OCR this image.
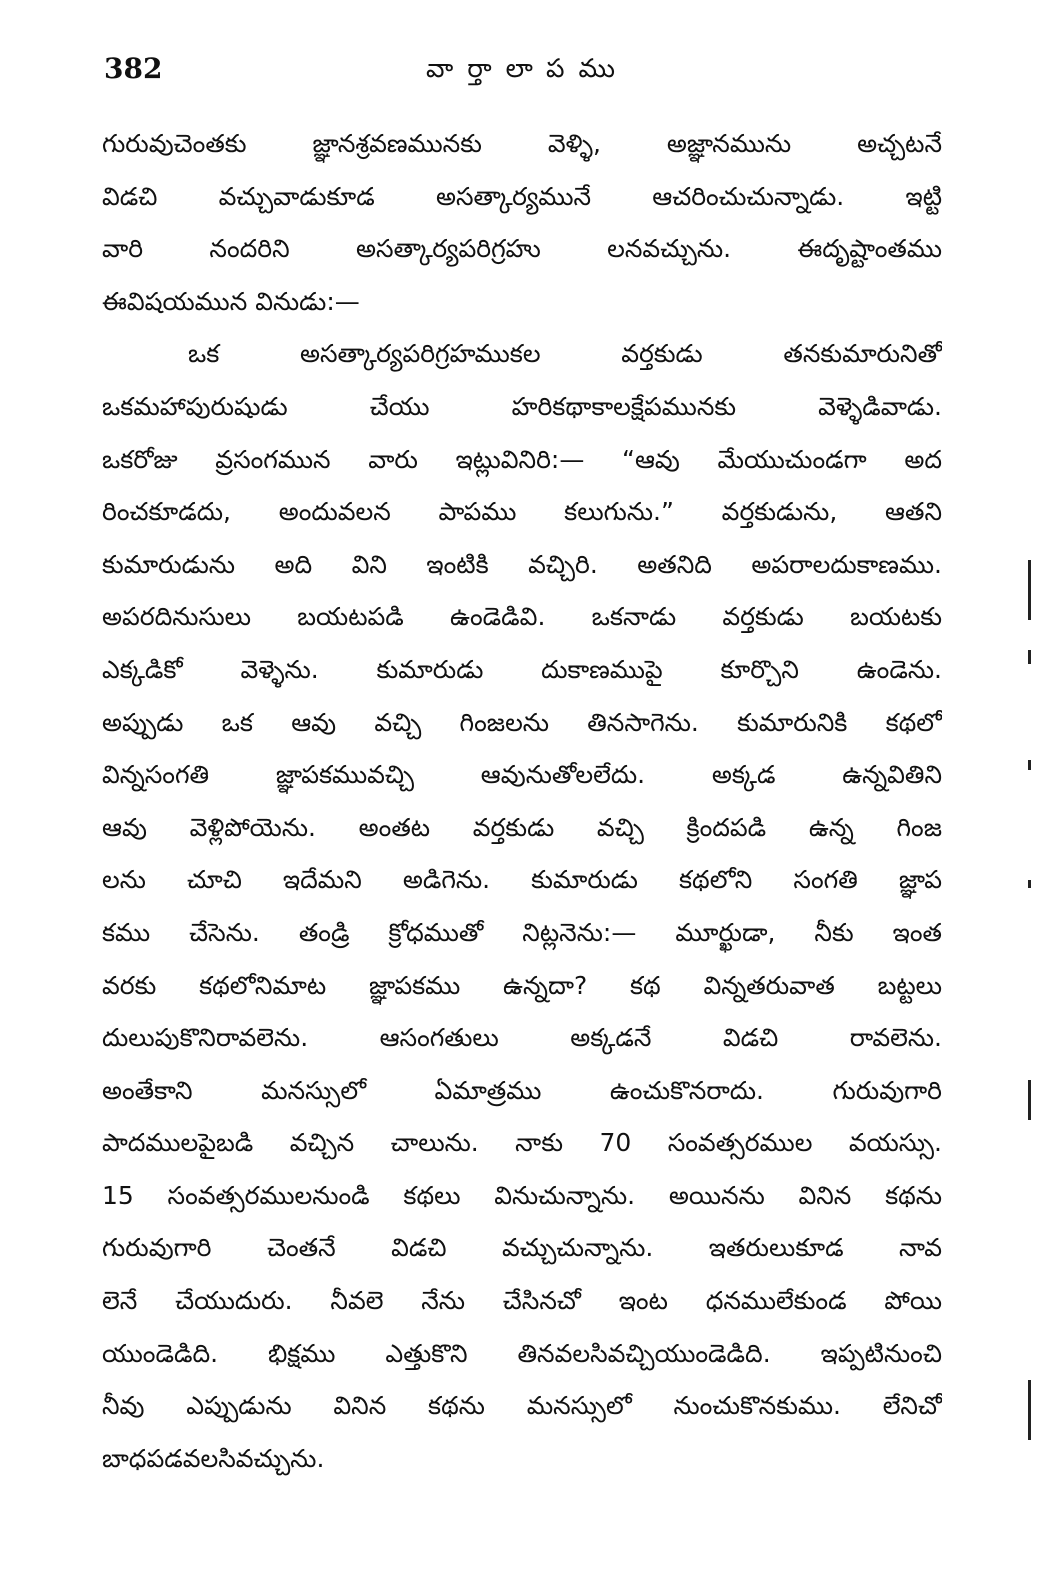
382	వార్తాలాపము
గురువుచెంతకు జ్ఞానశ్రవణమునకు వెళ్ళి, అజ్ఞానమును అచ్చటనే
విడచి వచ్చువాడుకూడ అసత్కార్యమునే ఆచరించుచున్నాడు. ఇట్టి
వారి నందరిని అసత్కార్యపరిగ్రహు లనవచ్చును. ఈదృష్టాంతము
ఈవిషయమున వినుడు:—
ఒక అసత్కార్యపరిగ్రహముకల వర్తకుడు తనకుమారునితో
ఒకమహాపురుషుడు చేయు హరికథాకాలక్షేపమునకు వెళ్ళెడివాడు.
ఒకరోజు వ్రసంగమున వారు ఇట్లువినిరి:— “ఆవు మేయుచుండగా అద
రించకూడదు, అందువలన పాపము కలుగును.” వర్తకుడును, ఆతని
కుమారుడును అది విని ఇంటికి వచ్చిరి. అతనిది అపరాలదుకాణము.
అపరదినుసులు బయటపడి ఉండెడివి. ఒకనాడు వర్తకుడు బయటకు
ఎక్కడికో వెళ్ళెను. కుమారుడు దుకాణముపై కూర్చొని ఉండెను.
అప్పుడు ఒక ఆవు వచ్చి గింజలను తినసాగెను. కుమారునికి కథలో
విన్నసంగతి జ్ఞాపకమువచ్చి ఆవునుతోలలేదు. అక్కడ ఉన్నవితిని
ఆవు వెళ్లిపోయెను. అంతట వర్తకుడు వచ్చి క్రిందపడి ఉన్న గింజ
లను చూచి ఇదేమని అడిగెను. కుమారుడు కథలోని సంగతి జ్ఞాప
కము చేసెను. తండ్రి క్రోధముతో నిట్లనెను:— మూర్ఖుడా, నీకు ఇంత
వరకు కథలోనిమాట జ్ఞాపకము ఉన్నదా? కథ విన్నతరువాత బట్టలు
దులుపుకొనిరావలెను. ఆసంగతులు అక్కడనే విడచి రావలెను.
అంతేకాని మనస్సులో ఏమాత్రము ఉంచుకొనరాదు. గురువుగారి
పాదములపైబడి వచ్చిన చాలును. నాకు 70 సంవత్సరముల వయస్సు.
15 సంవత్సరములనుండి కథలు వినుచున్నాను. అయినను వినిన కథను
గురువుగారి చెంతనే విడచి వచ్చుచున్నాను. ఇతరులుకూడ నావ
లెనే చేయుదురు. నీవలె నేను చేసినచో ఇంట ధనములేకుండ పోయి
యుండెడిది. భిక్షము ఎత్తుకొని తినవలసివచ్చియుండెడిది. ఇప్పటినుంచి
నీవు ఎప్పుడును వినిన కథను మనస్సులో నుంచుకొనకుము. లేనిచో
బాధపడవలసివచ్చును.
